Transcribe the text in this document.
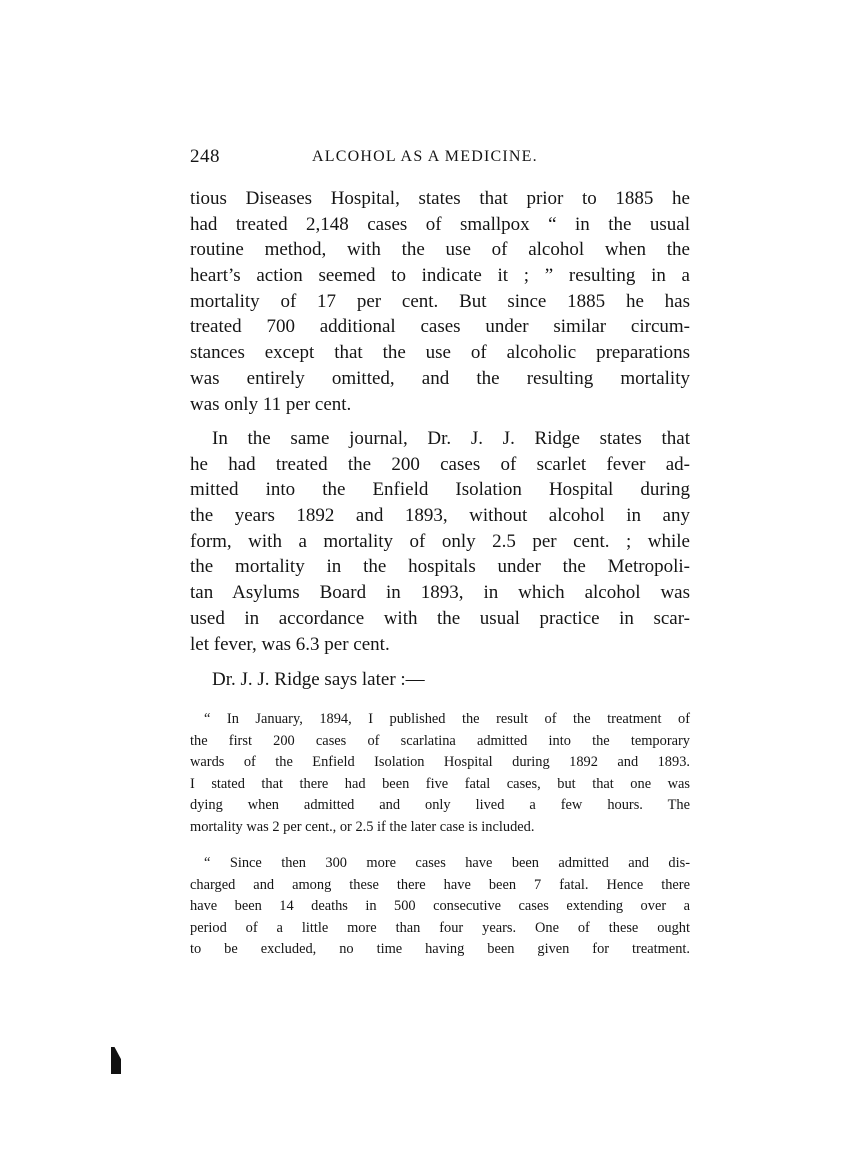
248	ALCOHOL AS A MEDICINE.
tious Diseases Hospital, states that prior to 1885 he
had treated 2,148 cases of smallpox “ in the usual
routine method, with the use of alcohol when the
heart’s action seemed to indicate it ; ” resulting in a
mortality of 17 per cent. But since 1885 he has
treated 700 additional cases under similar circum-
stances except that the use of alcoholic preparations
was entirely omitted, and the resulting mortality
was only 11 per cent.
In the same journal, Dr. J. J. Ridge states that
he had treated the 200 cases of scarlet fever ad-
mitted into the Enfield Isolation Hospital during
the years 1892 and 1893, without alcohol in any
form, with a mortality of only 2.5 per cent. ; while
the mortality in the hospitals under the Metropoli-
tan Asylums Board in 1893, in which alcohol was
used in accordance with the usual practice in scar-
let fever, was 6.3 per cent.
Dr. J. J. Ridge says later :—
“ In January, 1894, I published the result of the treatment of
the first 200 cases of scarlatina admitted into the temporary
wards of the Enfield Isolation Hospital during 1892 and 1893.
I stated that there had been five fatal cases, but that one was
dying when admitted and only lived a few hours. The
mortality was 2 per cent., or 2.5 if the later case is included.
“ Since then 300 more cases have been admitted and dis-
charged and among these there have been 7 fatal. Hence there
have been 14 deaths in 500 consecutive cases extending over a
period of a little more than four years. One of these ought
to be excluded, no time having been given for treatment.
